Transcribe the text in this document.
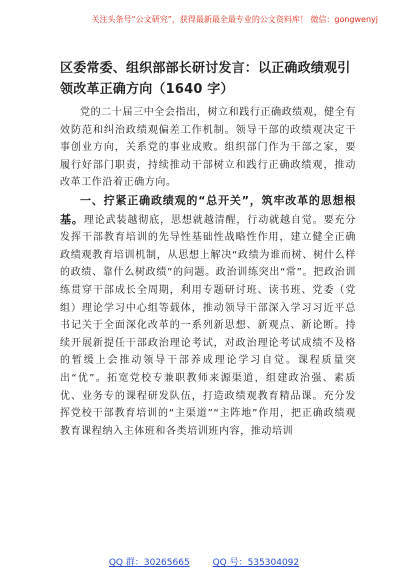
关注头条号“公文研究”，获得最新最全最专业的公文资料库！ 微信：gongwenyj
区委常委、组织部部长研讨发言：以正确政绩观引领改革正确方向（1640 字）

党的二十届三中全会指出，树立和践行正确政绩观，健全有效防范和纠治政绩观偏差工作机制。领导干部的政绩观决定干事创业方向，关系党的事业成败。组织部门作为干部之家，要履行好部门职责，持续推动干部树立和践行正确政绩观，推动改革工作沿着正确方向。

一、拧紧正确政绩观的“总开关”，筑牢改革的思想根基。理论武装越彻底，思想就越清醒，行动就越自觉。要充分发挥干部教育培训的先导性基础性战略性作用，建立健全正确政绩观教育培训机制，从思想上解决“政绩为谁而树、树什么样的政绩、靠什么树政绩”的问题。政治训练突出“常”。把政治训练贯穿干部成长全周期，利用专题研讨班、读书班、党委（党组）理论学习中心组等载体，推动领导干部深入学习习近平总书记关于全面深化改革的一系列新思想、新观点、新论断。持续开展新提任干部政治理论考试，对政治理论考试成绩不及格的暂缓上会推动领导干部养成理论学习自觉。课程质量突出“优”。拓宽党校专兼职教师来源渠道，组建政治强、素质优、业务专的课程研发队伍，打造政绩观教育精品课。充分发挥党校干部教育培训的“主渠道”“主阵地”作用，把正确政绩观教育课程纳入主体班和各类培训班内容，推动培训

QQ 群：30265665	QQ 号：535304092
